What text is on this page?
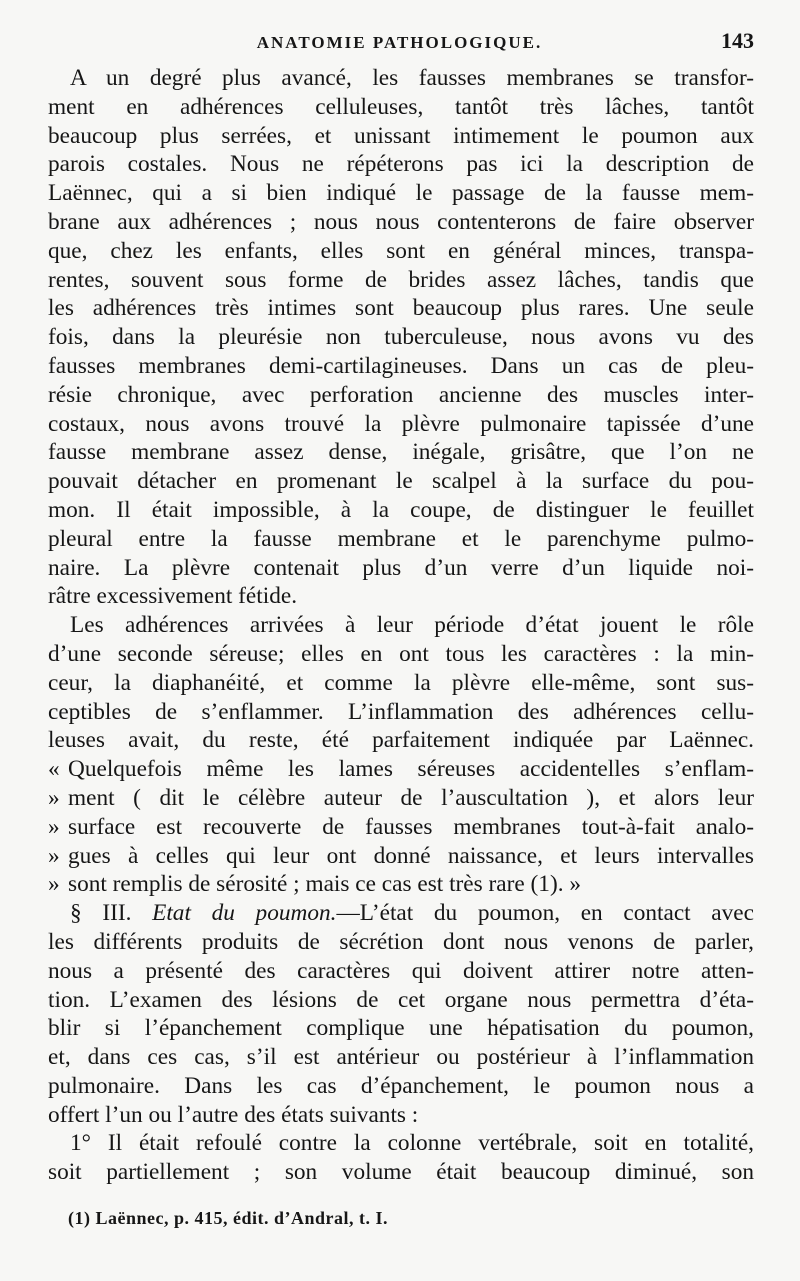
ANATOMIE PATHOLOGIQUE.	143
A un degré plus avancé, les fausses membranes se transfor-
ment en adhérences celluleuses, tantôt très lâches, tantôt
beaucoup plus serrées, et unissant intimement le poumon aux
parois costales. Nous ne répéterons pas ici la description de
Laënnec, qui a si bien indiqué le passage de la fausse mem-
brane aux adhérences ; nous nous contenterons de faire observer
que, chez les enfants, elles sont en général minces, transpa-
rentes, souvent sous forme de brides assez lâches, tandis que
les adhérences très intimes sont beaucoup plus rares. Une seule
fois, dans la pleurésie non tuberculeuse, nous avons vu des
fausses membranes demi-cartilagineuses. Dans un cas de pleu-
résie chronique, avec perforation ancienne des muscles inter-
costaux, nous avons trouvé la plèvre pulmonaire tapissée d’une
fausse membrane assez dense, inégale, grisâtre, que l’on ne
pouvait détacher en promenant le scalpel à la surface du pou-
mon. Il était impossible, à la coupe, de distinguer le feuillet
pleural entre la fausse membrane et le parenchyme pulmo-
naire. La plèvre contenait plus d’un verre d’un liquide noi-
râtre excessivement fétide.
Les adhérences arrivées à leur période d’état jouent le rôle
d’une seconde séreuse; elles en ont tous les caractères : la min-
ceur, la diaphanéité, et comme la plèvre elle-même, sont sus-
ceptibles de s’enflammer. L’inflammation des adhérences cellu-
leuses avait, du reste, été parfaitement indiquée par Laënnec.
« Quelquefois même les lames séreuses accidentelles s’enflam-
» ment ( dit le célèbre auteur de l’auscultation ), et alors leur
» surface est recouverte de fausses membranes tout-à-fait analo-
» gues à celles qui leur ont donné naissance, et leurs intervalles
» sont remplis de sérosité ; mais ce cas est très rare (1). »
§ III. Etat du poumon.—L’état du poumon, en contact avec
les différents produits de sécrétion dont nous venons de parler,
nous a présenté des caractères qui doivent attirer notre atten-
tion. L’examen des lésions de cet organe nous permettra d’éta-
blir si l’épanchement complique une hépatisation du poumon,
et, dans ces cas, s’il est antérieur ou postérieur à l’inflammation
pulmonaire. Dans les cas d’épanchement, le poumon nous a
offert l’un ou l’autre des états suivants :
1° Il était refoulé contre la colonne vertébrale, soit en totalité,
soit partiellement ; son volume était beaucoup diminué, son
(1) Laënnec, p. 415, édit. d’Andral, t. I.
